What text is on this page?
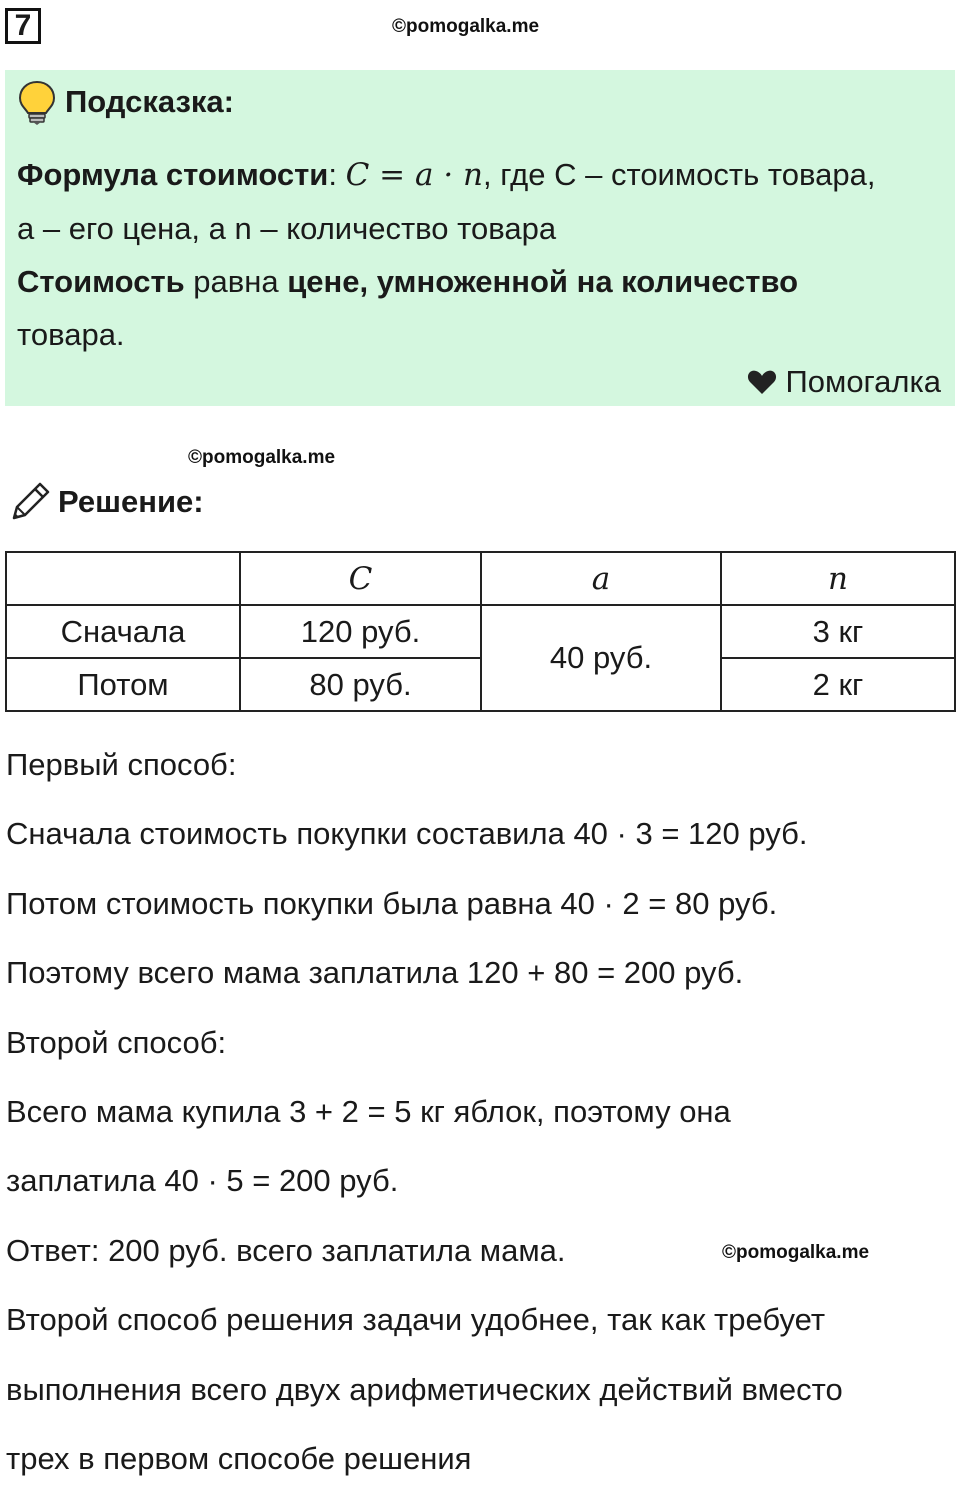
7	©pomogalka.me
Подсказка:

Формула стоимости: C = a · n, где C – стоимость товара,

a – его цена, а n – количество товара

Стоимость равна цене, умноженной на количество

товара.

Помогалка
©pomogalka.me
Решение:
	C	a	n
Сначала	120 руб.	40 руб.	3 кг
Потом	80 руб.		2 кг

Первый способ:

Сначала стоимость покупки составила 40 · 3 = 120 руб.

Потом стоимость покупки была равна 40 · 2 = 80 руб.

Поэтому всего мама заплатила 120 + 80 = 200 руб.

Второй способ:

Всего мама купила 3 + 2 = 5 кг яблок, поэтому она

заплатила 40 · 5 = 200 руб.

Ответ: 200 руб. всего заплатила мама.

Второй способ решения задачи удобнее, так как требует

выполнения всего двух арифметических действий вместо

трех в первом способе решения

©pomogalka.me
